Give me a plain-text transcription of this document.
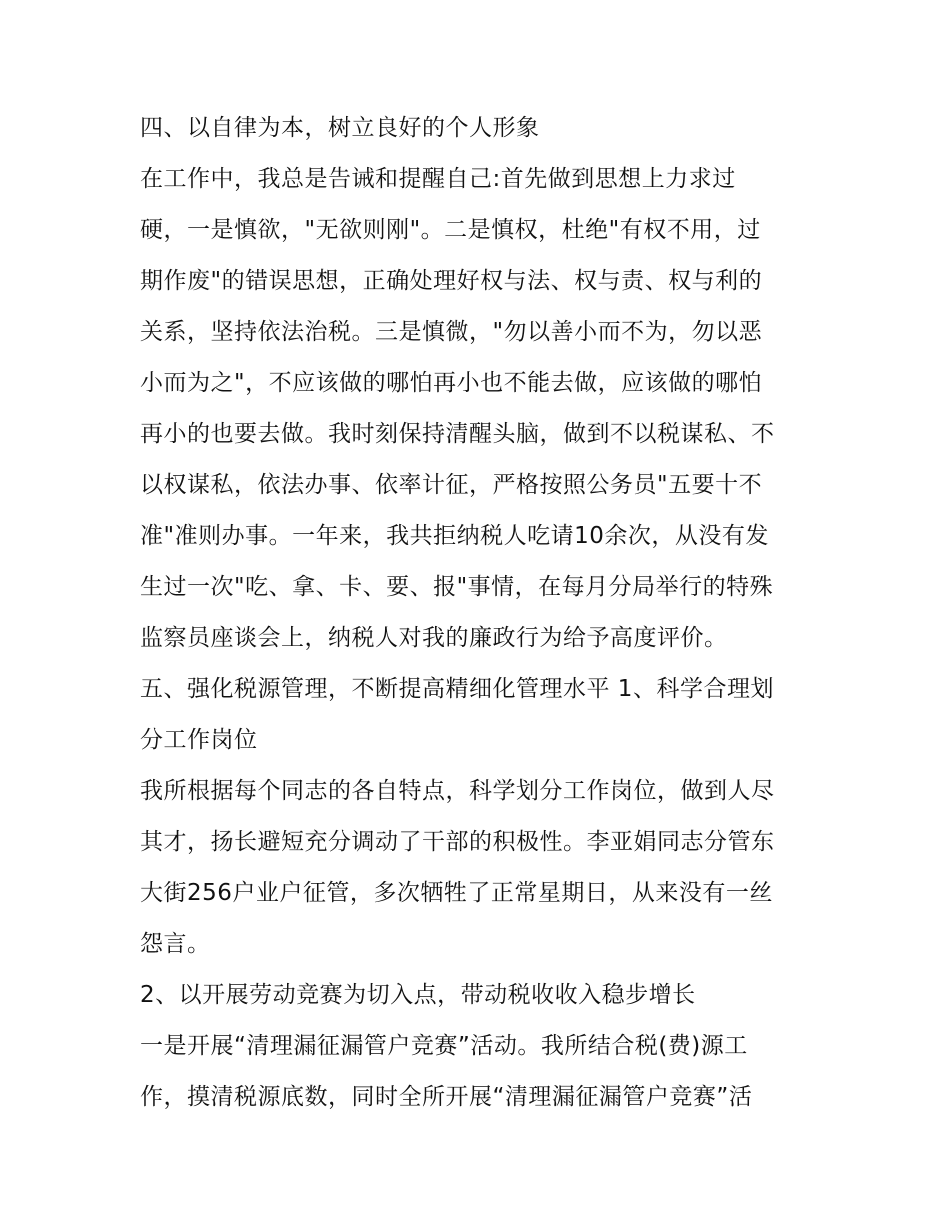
四、以自律为本，树立良好的个人形象
在工作中，我总是告诫和提醒自己:首先做到思想上力求过
硬，一是慎欲，"无欲则刚"。二是慎权，杜绝"有权不用，过
期作废"的错误思想，正确处理好权与法、权与责、权与利的
关系，坚持依法治税。三是慎微，"勿以善小而不为，勿以恶
小而为之"，不应该做的哪怕再小也不能去做，应该做的哪怕
再小的也要去做。我时刻保持清醒头脑，做到不以税谋私、不
以权谋私，依法办事、依率计征，严格按照公务员"五要十不
准"准则办事。一年来，我共拒纳税人吃请10余次，从没有发
生过一次"吃、拿、卡、要、报"事情，在每月分局举行的特殊
监察员座谈会上，纳税人对我的廉政行为给予高度评价。
五、强化税源管理，不断提高精细化管理水平 1、科学合理划
分工作岗位
我所根据每个同志的各自特点，科学划分工作岗位，做到人尽
其才，扬长避短充分调动了干部的积极性。李亚娟同志分管东
大街256户业户征管，多次牺牲了正常星期日，从来没有一丝
怨言。
2、以开展劳动竞赛为切入点，带动税收收入稳步增长
一是开展“清理漏征漏管户竞赛”活动。我所结合税(费)源工
作，摸清税源底数，同时全所开展“清理漏征漏管户竞赛”活
